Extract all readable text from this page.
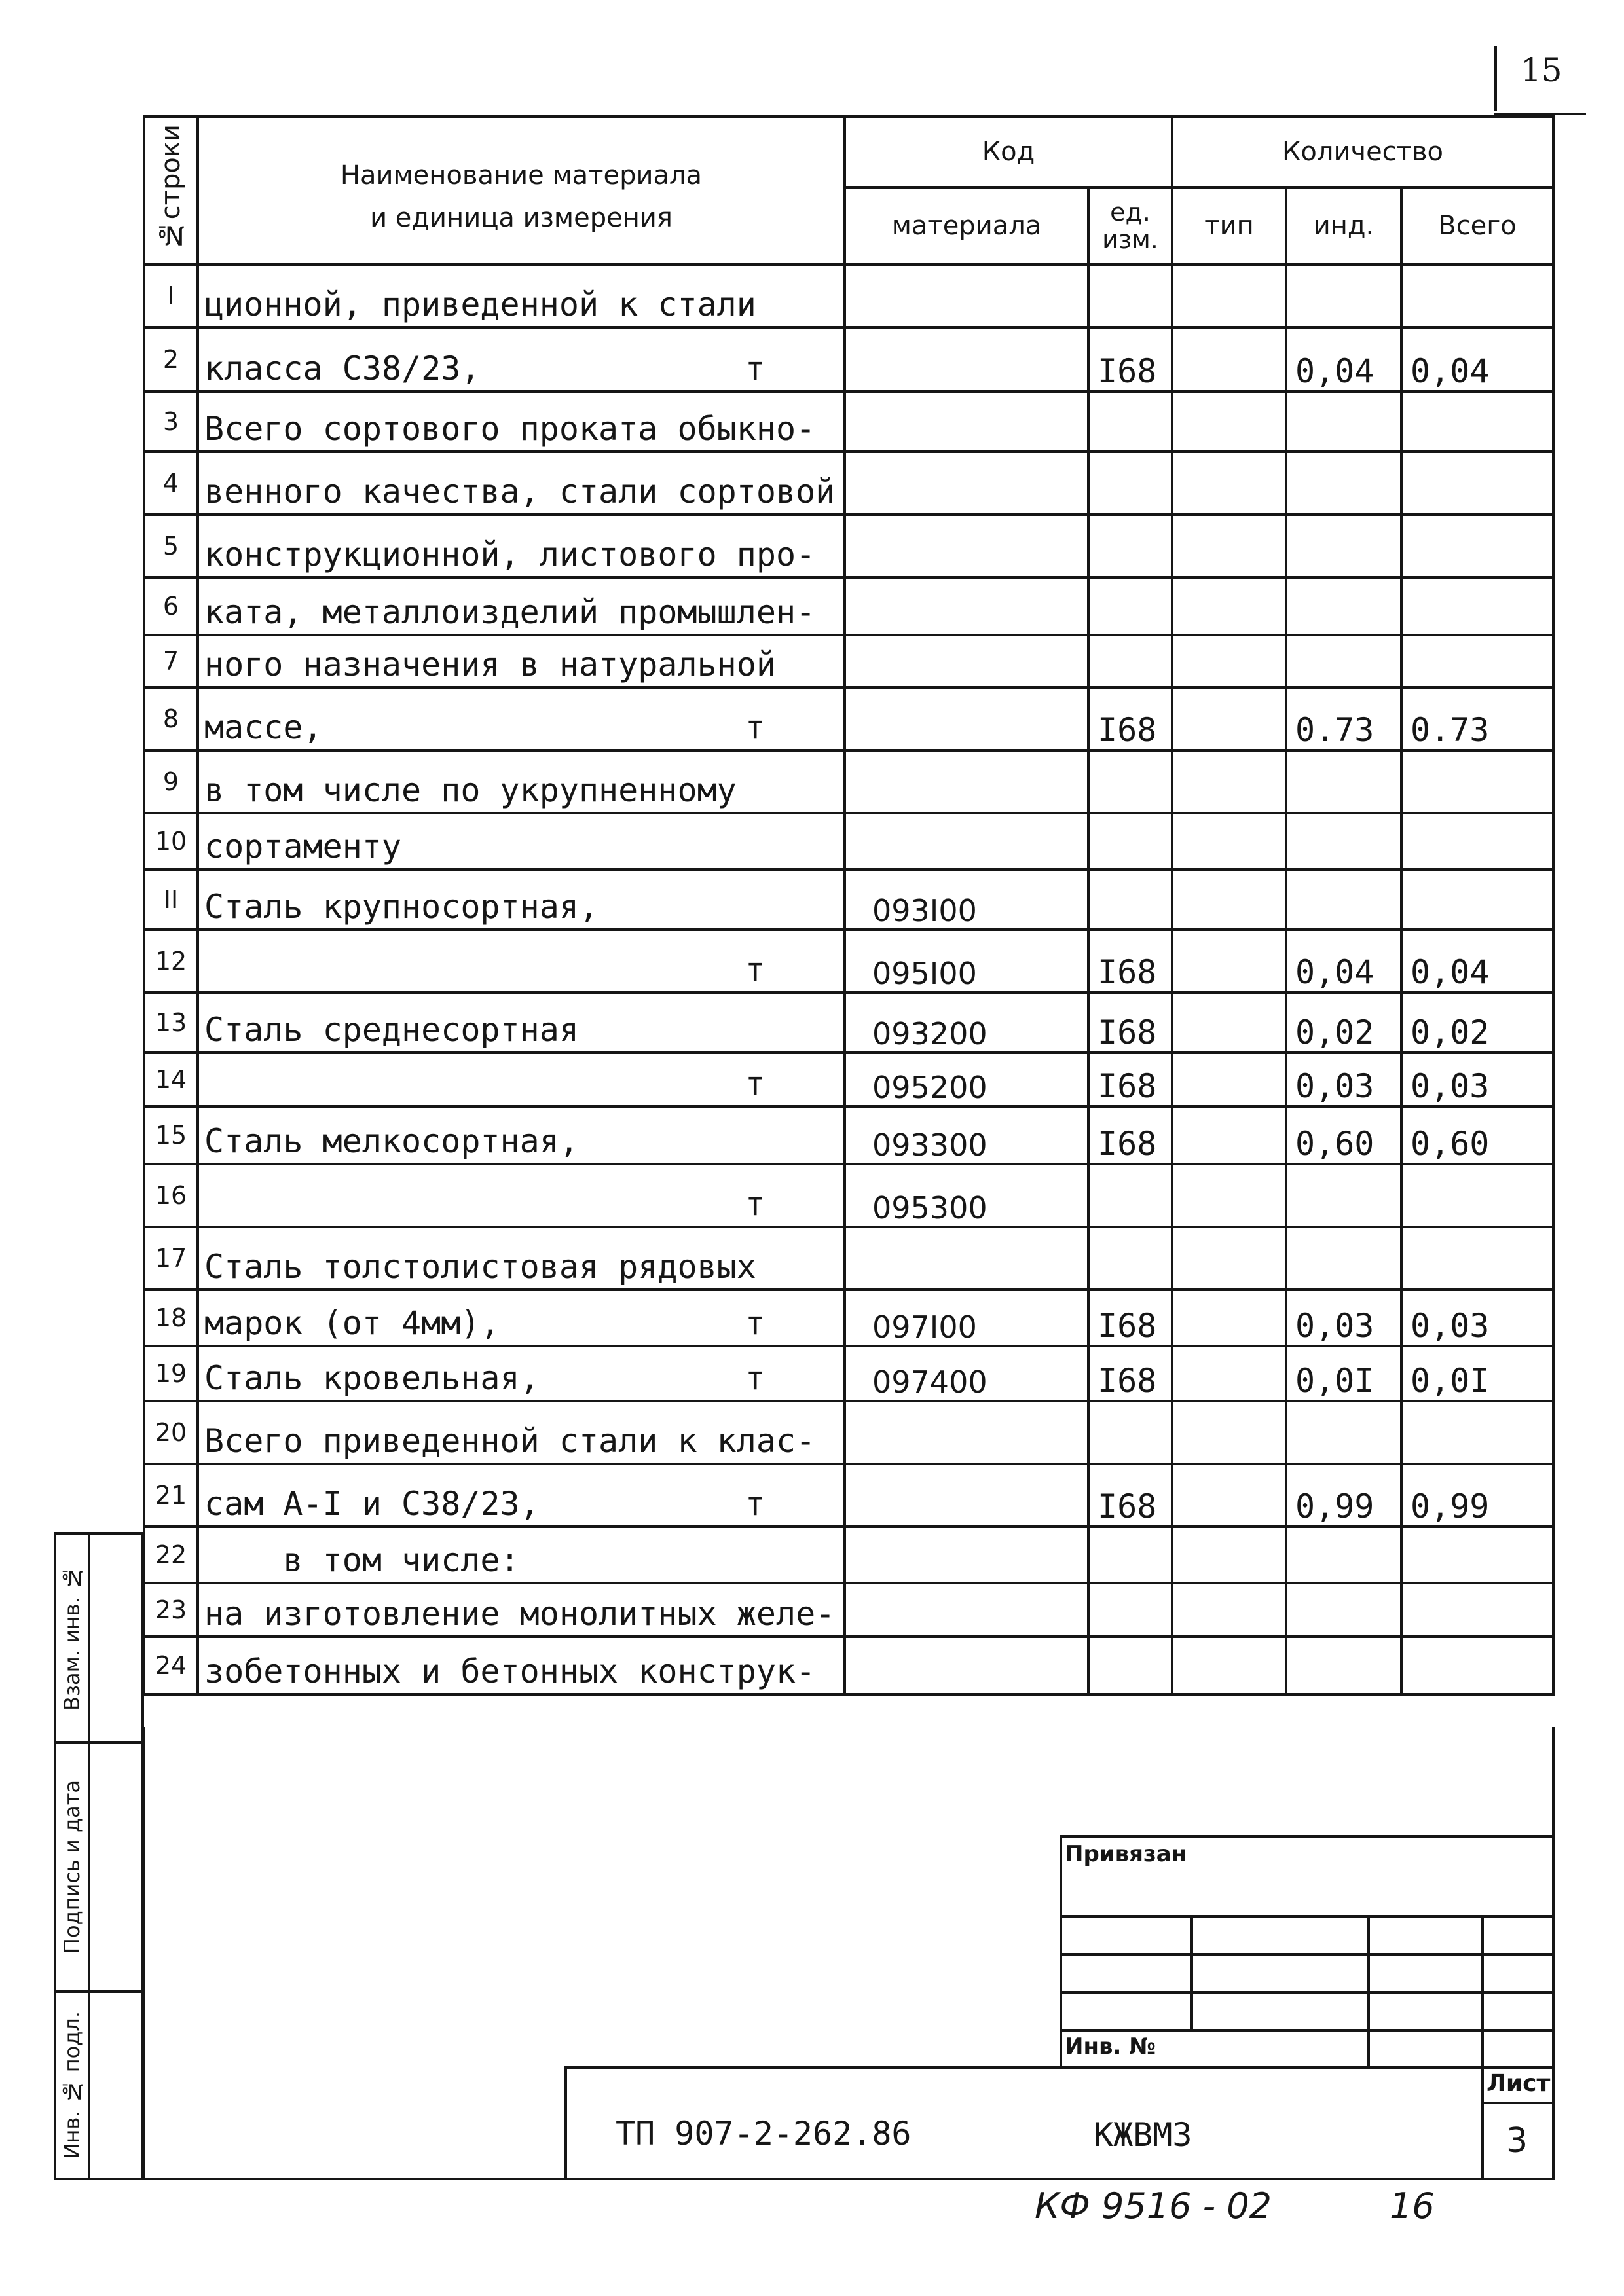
15
№строки	Наименование материала
и единица измерения	Код		Количество		
		материала	ед. изм.	тип	инд.	Всего
I	ционной, приведенной к стали					

2	класса С38/23, т		I68		0,04	0,04
3	Всего сортового проката обыкно-					

4	венного качества, стали сортовой					

5	конструкционной, листового про-					

6	ката, металлоизделий промышлен-					

7	ного назначения в натуральной					

8	массе, т		I68		0.73	0.73
9	в том числе по укрупненному					

10	сортаменту					

II	Сталь крупносортная,	093I00				
12	т	095I00	I68		0,04	0,04
13	Сталь среднесортная	093200	I68		0,02	0,02
14	т	095200	I68		0,03	0,03
15	Сталь мелкосортная,	093300	I68		0,60	0,60
16	т	095300				
17	Сталь толстолистовая рядовых					

18	марок (от 4мм), т	097I00	I68		0,03	0,03
19	Сталь кровельная, т	097400	I68		0,0I	0,0I
20	Всего приведенной стали к клас-					

21	сам А-I и С38/23, т		I68		0,99	0,99
22	в том числе:					

23	на изготовление монолитных желе-					

24	зобетонных и бетонных конструк-					

Взам. инв. №
Подпись и дата
Инв. № подл.
Привязан
Инв. №
ТП 907-2-262.86	КЖВМ3
Лист
3
КФ 9516 - 02	16
